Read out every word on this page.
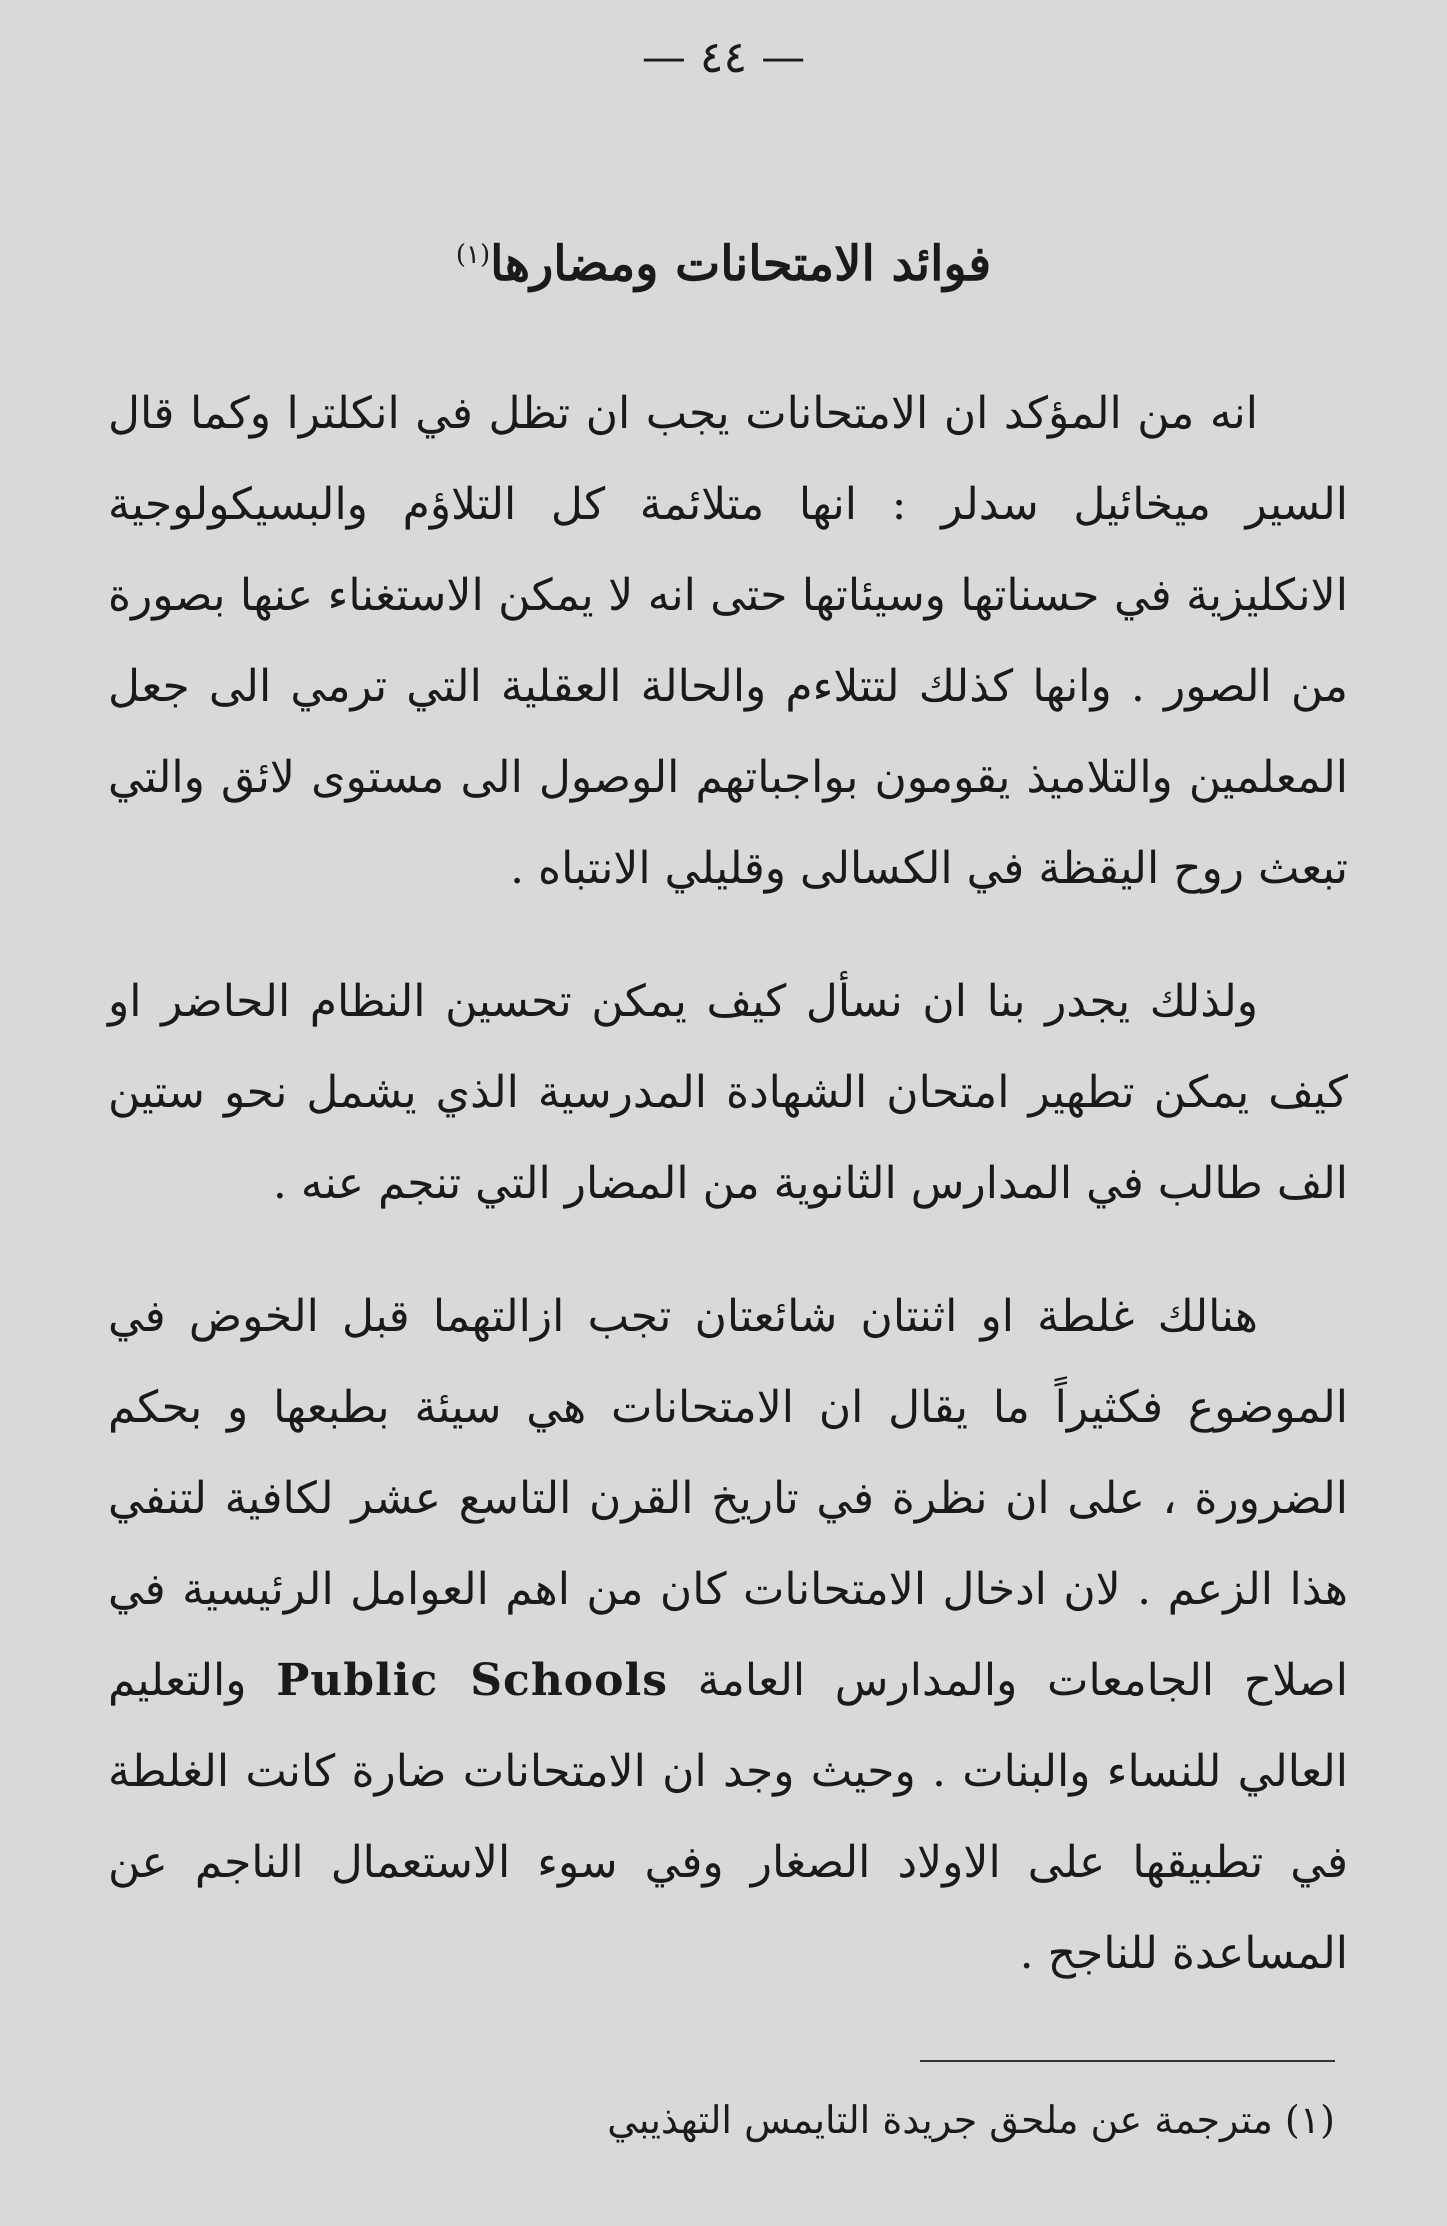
— ٤٤ —
فوائد الامتحانات ومضارها$^{(١)}$

انه من المؤكد ان الامتحانات يجب ان تظل في انكلترا وكما قال السير ميخائيل سدلر : انها متلائمة كل التلاؤم والبسيكولوجية الانكليزية في حسناتها وسيئاتها حتى انه لا يمكن الاستغناء عنها بصورة من الصور . وانها كذلك لتتلاءم والحالة العقلية التي ترمي الى جعل المعلمين والتلاميذ يقومون بواجباتهم الوصول الى مستوى لائق والتي تبعث روح اليقظة في الكسالى وقليلي الانتباه .

ولذلك يجدر بنا ان نسأل كيف يمكن تحسين النظام الحاضر او كيف يمكن تطهير امتحان الشهادة المدرسية الذي يشمل نحو ستين الف طالب في المدارس الثانوية من المضار التي تنجم عنه .

هنالك غلطة او اثنتان شائعتان تجب ازالتهما قبل الخوض في الموضوع فكثيراً ما يقال ان الامتحانات هي سيئة بطبعها و بحكم الضرورة ، على ان نظرة في تاريخ القرن التاسع عشر لكافية لتنفي هذا الزعم . لان ادخال الامتحانات كان من اهم العوامل الرئيسية في اصلاح الجامعات والمدارس العامة Public Schools والتعليم العالي للنساء والبنات . وحيث وجد ان الامتحانات ضارة كانت الغلطة في تطبيقها على الاولاد الصغار وفي سوء الاستعمال الناجم عن المساعدة للناجح .

(١) مترجمة عن ملحق جريدة التايمس التهذيبي
